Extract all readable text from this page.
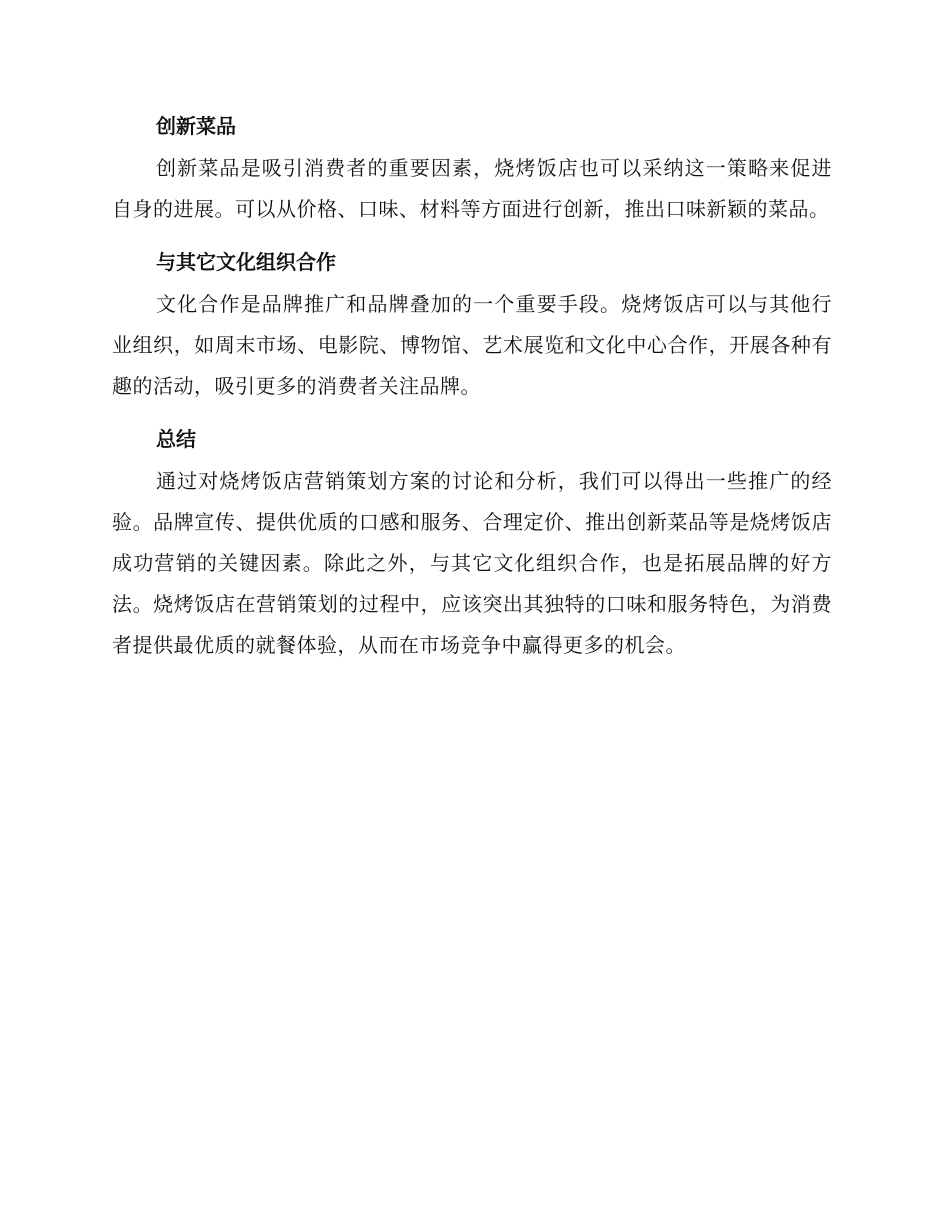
创新菜品

创新菜品是吸引消费者的重要因素，烧烤饭店也可以采纳这一策略来促进自身的进展。可以从价格、口味、材料等方面进行创新，推出口味新颖的菜品。

与其它文化组织合作

文化合作是品牌推广和品牌叠加的一个重要手段。烧烤饭店可以与其他行业组织，如周末市场、电影院、博物馆、艺术展览和文化中心合作，开展各种有趣的活动，吸引更多的消费者关注品牌。

总结

通过对烧烤饭店营销策划方案的讨论和分析，我们可以得出一些推广的经验。品牌宣传、提供优质的口感和服务、合理定价、推出创新菜品等是烧烤饭店成功营销的关键因素。除此之外，与其它文化组织合作，也是拓展品牌的好方法。烧烤饭店在营销策划的过程中，应该突出其独特的口味和服务特色，为消费者提供最优质的就餐体验，从而在市场竞争中赢得更多的机会。
